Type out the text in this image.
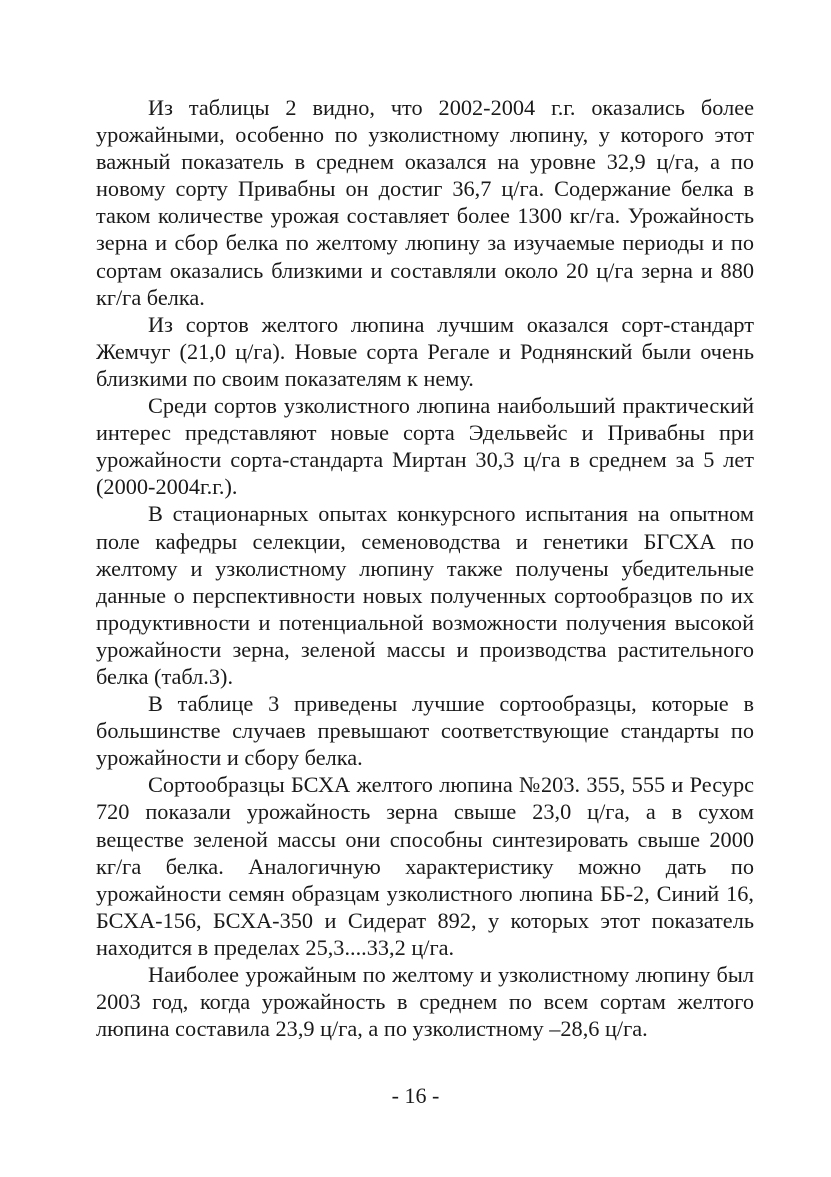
Из таблицы 2 видно, что 2002-2004 г.г. оказались более урожайными, особенно по узколистному люпину, у которого этот важный показатель в среднем оказался на уровне 32,9 ц/га, а по новому сорту Привабны он достиг 36,7 ц/га. Содержание белка в таком количестве урожая составляет более 1300 кг/га. Урожайность зерна и сбор белка по желтому люпину за изучаемые периоды и по сортам оказались близкими и составляли около 20 ц/га зерна и 880 кг/га белка.

Из сортов желтого люпина лучшим оказался сорт-стандарт Жемчуг (21,0 ц/га). Новые сорта Регале и Роднянский были очень близкими по своим показателям к нему.

Среди сортов узколистного люпина наибольший практический интерес представляют новые сорта Эдельвейс и Привабны при урожайности сорта-стандарта Миртан 30,3 ц/га в среднем за 5 лет (2000-2004г.г.).

В стационарных опытах конкурсного испытания на опытном поле кафедры селекции, семеноводства и генетики БГСХА по желтому и узколистному люпину также получены убедительные данные о перспективности новых полученных сортообразцов по их продуктивности и потенциальной возможности получения высокой урожайности зерна, зеленой массы и производства растительного белка (табл.3).

В таблице 3 приведены лучшие сортообразцы, которые в большинстве случаев превышают соответствующие стандарты по урожайности и сбору белка.

Сортообразцы БСХА желтого люпина №203. 355, 555 и Ресурс 720 показали урожайность зерна свыше 23,0 ц/га, а в сухом веществе зеленой массы они способны синтезировать свыше 2000 кг/га белка. Аналогичную характеристику можно дать по урожайности семян образцам узколистного люпина ББ-2, Синий 16, БСХА-156, БСХА-350 и Сидерат 892, у которых этот показатель находится в пределах 25,3....33,2 ц/га.

Наиболее урожайным по желтому и узколистному люпину был 2003 год, когда урожайность в среднем по всем сортам желтого люпина составила 23,9 ц/га, а по узколистному –28,6 ц/га.

- 16 -
